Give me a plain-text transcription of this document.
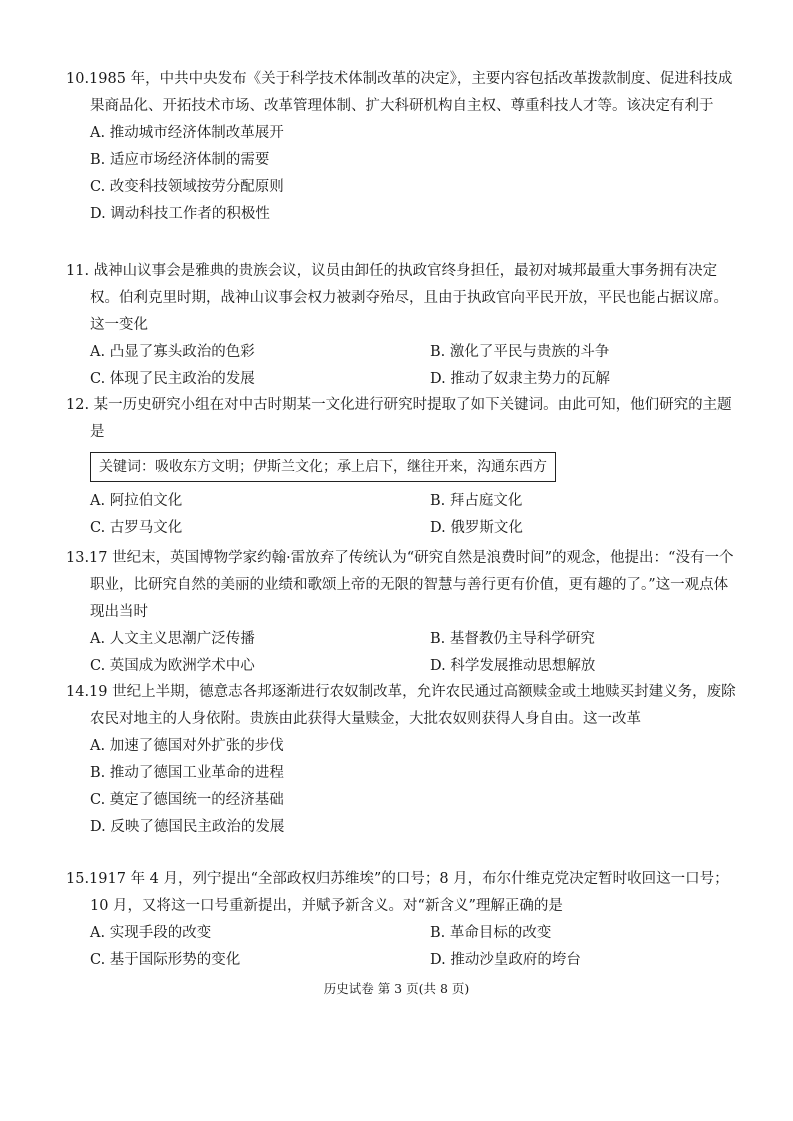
10.1985 年，中共中央发布《关于科学技术体制改革的决定》，主要内容包括改革拨款制度、促进科技成果商品化、开拓技术市场、改革管理体制、扩大科研机构自主权、尊重科技人才等。该决定有利于

A. 推动城市经济体制改革展开
B. 适应市场经济体制的需要
C. 改变科技领域按劳分配原则
D. 调动科技工作者的积极性

11. 战神山议事会是雅典的贵族会议，议员由卸任的执政官终身担任，最初对城邦最重大事务拥有决定权。伯利克里时期，战神山议事会权力被剥夺殆尽，且由于执政官向平民开放，平民也能占据议席。这一变化

A. 凸显了寡头政治的色彩	B. 激化了平民与贵族的斗争
C. 体现了民主政治的发展	D. 推动了奴隶主势力的瓦解

12. 某一历史研究小组在对中古时期某一文化进行研究时提取了如下关键词。由此可知，他们研究的主题是

关键词：吸收东方文明；伊斯兰文化；承上启下，继往开来，沟通东西方
A. 阿拉伯文化	B. 拜占庭文化
C. 古罗马文化	D. 俄罗斯文化

13.17 世纪末，英国博物学家约翰·雷放弃了传统认为“研究自然是浪费时间”的观念，他提出：“没有一个职业，比研究自然的美丽的业绩和歌颂上帝的无限的智慧与善行更有价值，更有趣的了。”这一观点体现出当时

A. 人文主义思潮广泛传播	B. 基督教仍主导科学研究
C. 英国成为欧洲学术中心	D. 科学发展推动思想解放

14.19 世纪上半期，德意志各邦逐渐进行农奴制改革，允许农民通过高额赎金或土地赎买封建义务，废除农民对地主的人身依附。贵族由此获得大量赎金，大批农奴则获得人身自由。这一改革

A. 加速了德国对外扩张的步伐
B. 推动了德国工业革命的进程
C. 奠定了德国统一的经济基础
D. 反映了德国民主政治的发展

15.1917 年 4 月，列宁提出“全部政权归苏维埃”的口号；8 月，布尔什维克党决定暂时收回这一口号；10 月，又将这一口号重新提出，并赋予新含义。对“新含义”理解正确的是

A. 实现手段的改变	B. 革命目标的改变
C. 基于国际形势的变化	D. 推动沙皇政府的垮台
历史试卷 第 3 页(共 8 页)
